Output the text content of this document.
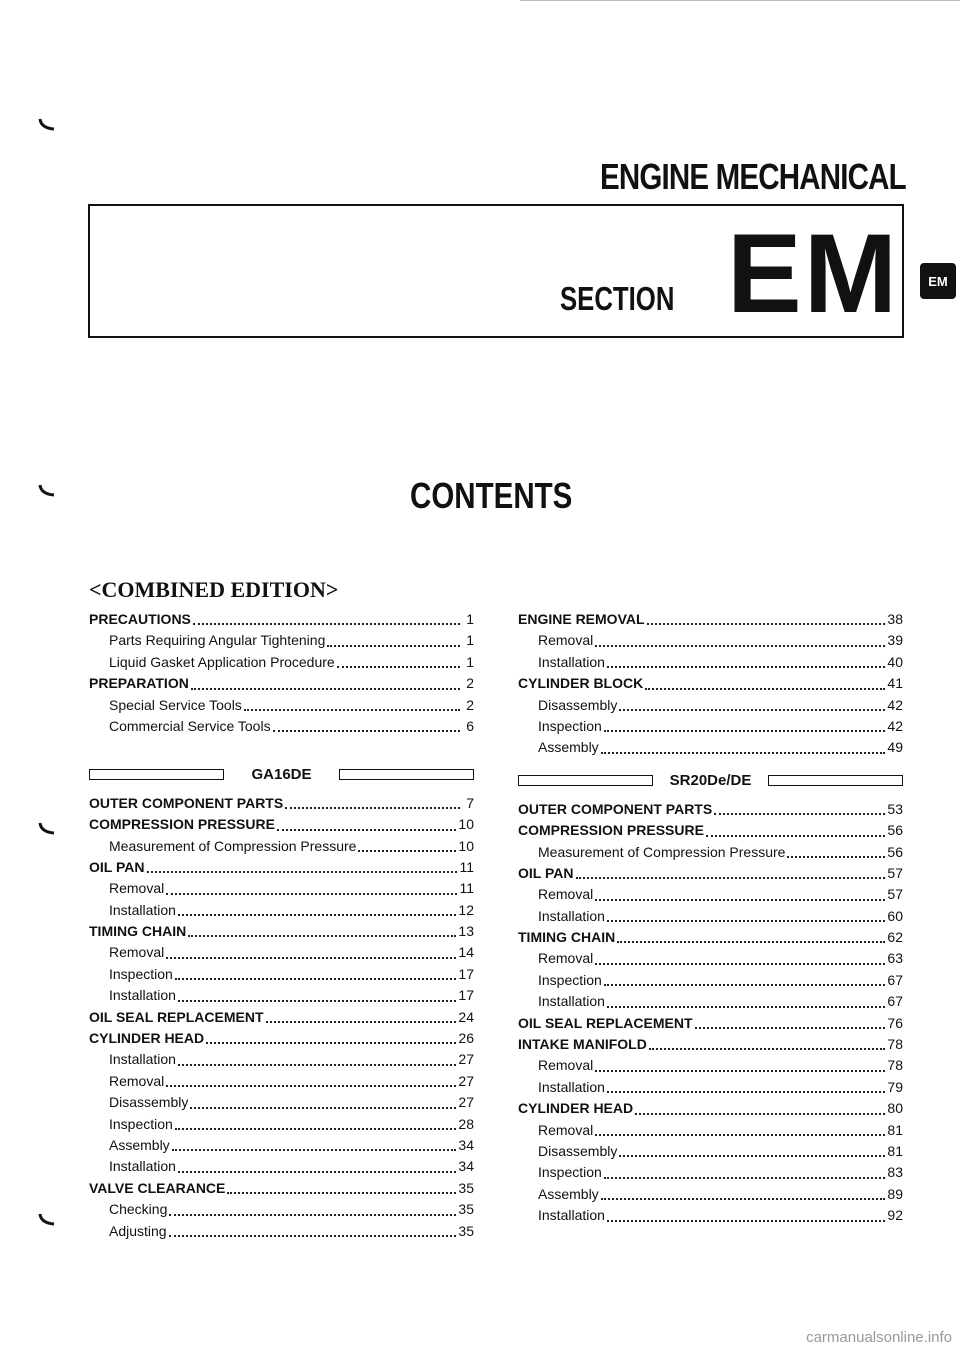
ENGINE MECHANICAL
SECTION EM	EM
CONTENTS
<COMBINED EDITION>
PRECAUTIONS	1
Parts Requiring Angular Tightening	1
Liquid Gasket Application Procedure	1
PREPARATION	2
Special Service Tools	2
Commercial Service Tools	6
GA16DE
OUTER COMPONENT PARTS	7
COMPRESSION PRESSURE	10
Measurement of Compression Pressure	10
OIL PAN	11
Removal	11
Installation	12
TIMING CHAIN	13
Removal	14
Inspection	17
Installation	17
OIL SEAL REPLACEMENT	24
CYLINDER HEAD	26
Installation	27
Removal	27
Disassembly	27
Inspection	28
Assembly	34
Installation	34
VALVE CLEARANCE	35
Checking	35
Adjusting	35
ENGINE REMOVAL	38
Removal	39
Installation	40
CYLINDER BLOCK	41
Disassembly	42
Inspection	42
Assembly	49
SR20De/DE
OUTER COMPONENT PARTS	53
COMPRESSION PRESSURE	56
Measurement of Compression Pressure	56
OIL PAN	57
Removal	57
Installation	60
TIMING CHAIN	62
Removal	63
Inspection	67
Installation	67
OIL SEAL REPLACEMENT	76
INTAKE MANIFOLD	78
Removal	78
Installation	79
CYLINDER HEAD	80
Removal	81
Disassembly	81
Inspection	83
Assembly	89
Installation	92
carmanualsonline.info
